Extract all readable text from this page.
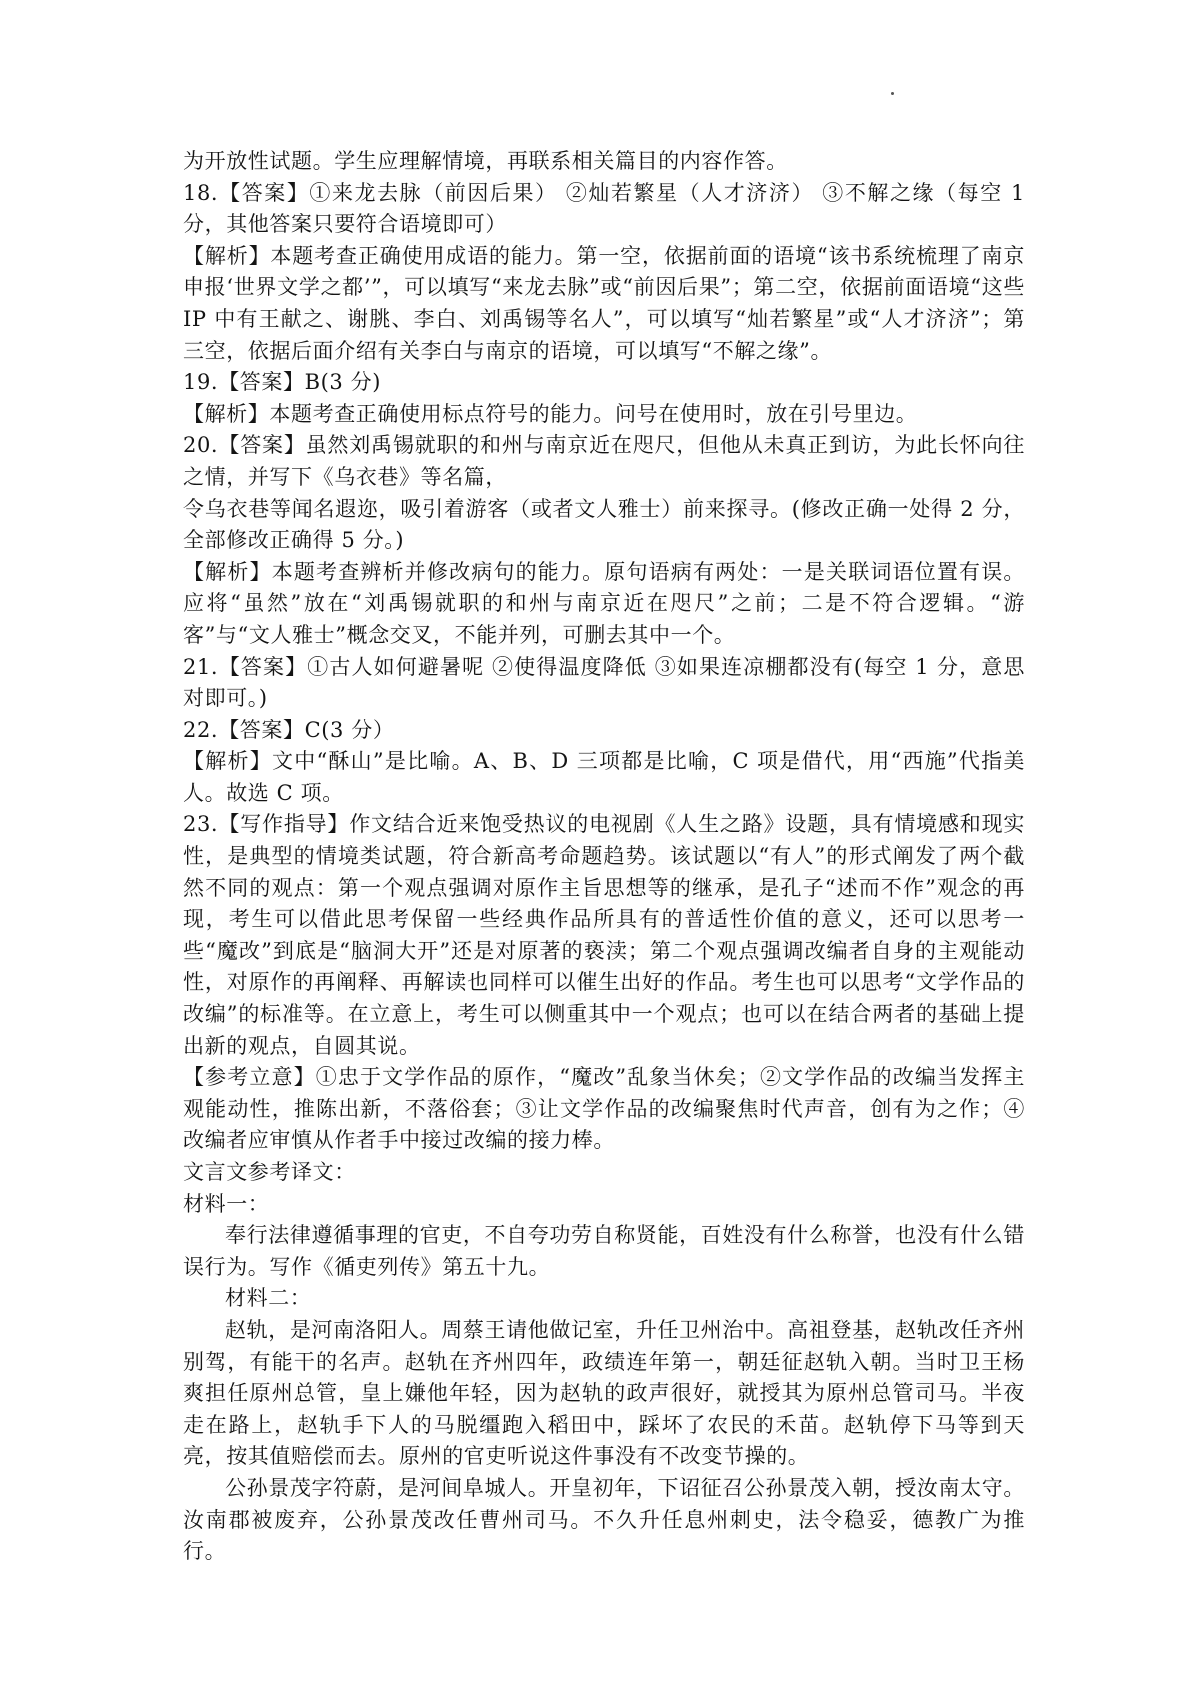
为开放性试题。学生应理解情境，再联系相关篇目的内容作答。

18.【答案】①来龙去脉（前因后果） ②灿若繁星（人才济济） ③不解之缘（每空 1 分，其他答案只要符合语境即可）

【解析】本题考查正确使用成语的能力。第一空，依据前面的语境“该书系统梳理了南京申报‘世界文学之都’”，可以填写“来龙去脉”或“前因后果”；第二空，依据前面语境“这些 IP 中有王献之、谢朓、李白、刘禹锡等名人”，可以填写“灿若繁星”或“人才济济”；第三空，依据后面介绍有关李白与南京的语境，可以填写“不解之缘”。

19.【答案】B(3 分)

【解析】本题考查正确使用标点符号的能力。问号在使用时，放在引号里边。

20.【答案】虽然刘禹锡就职的和州与南京近在咫尺，但他从未真正到访，为此长怀向往之情，并写下《乌衣巷》等名篇，

令乌衣巷等闻名遐迩，吸引着游客（或者文人雅士）前来探寻。(修改正确一处得 2 分，全部修改正确得 5 分。)

【解析】本题考查辨析并修改病句的能力。原句语病有两处：一是关联词语位置有误。应将“虽然”放在“刘禹锡就职的和州与南京近在咫尺”之前；二是不符合逻辑。“游客”与“文人雅士”概念交叉，不能并列，可删去其中一个。

21.【答案】①古人如何避暑呢 ②使得温度降低 ③如果连凉棚都没有(每空 1 分，意思对即可。)

22.【答案】C(3 分）

【解析】文中“酥山”是比喻。A、B、D 三项都是比喻，C 项是借代，用“西施”代指美人。故选 C 项。

23.【写作指导】作文结合近来饱受热议的电视剧《人生之路》设题，具有情境感和现实性，是典型的情境类试题，符合新高考命题趋势。该试题以“有人”的形式阐发了两个截然不同的观点：第一个观点强调对原作主旨思想等的继承，是孔子“述而不作”观念的再现，考生可以借此思考保留一些经典作品所具有的普适性价值的意义，还可以思考一些“魔改”到底是“脑洞大开”还是对原著的亵渎；第二个观点强调改编者自身的主观能动性，对原作的再阐释、再解读也同样可以催生出好的作品。考生也可以思考“文学作品的改编”的标准等。在立意上，考生可以侧重其中一个观点；也可以在结合两者的基础上提出新的观点，自圆其说。

【参考立意】①忠于文学作品的原作，“魔改”乱象当休矣；②文学作品的改编当发挥主观能动性，推陈出新，不落俗套；③让文学作品的改编聚焦时代声音，创有为之作；④改编者应审慎从作者手中接过改编的接力棒。

文言文参考译文：

材料一：

奉行法律遵循事理的官吏，不自夸功劳自称贤能，百姓没有什么称誉，也没有什么错误行为。写作《循吏列传》第五十九。

材料二：

赵轨，是河南洛阳人。周蔡王请他做记室，升任卫州治中。高祖登基，赵轨改任齐州别驾，有能干的名声。赵轨在齐州四年，政绩连年第一，朝廷征赵轨入朝。当时卫王杨爽担任原州总管，皇上嫌他年轻，因为赵轨的政声很好，就授其为原州总管司马。半夜走在路上，赵轨手下人的马脱缰跑入稻田中，踩坏了农民的禾苗。赵轨停下马等到天亮，按其值赔偿而去。原州的官吏听说这件事没有不改变节操的。

公孙景茂字符蔚，是河间阜城人。开皇初年，下诏征召公孙景茂入朝，授汝南太守。汝南郡被废弃，公孙景茂改任曹州司马。不久升任息州刺史，法令稳妥，德教广为推行。
